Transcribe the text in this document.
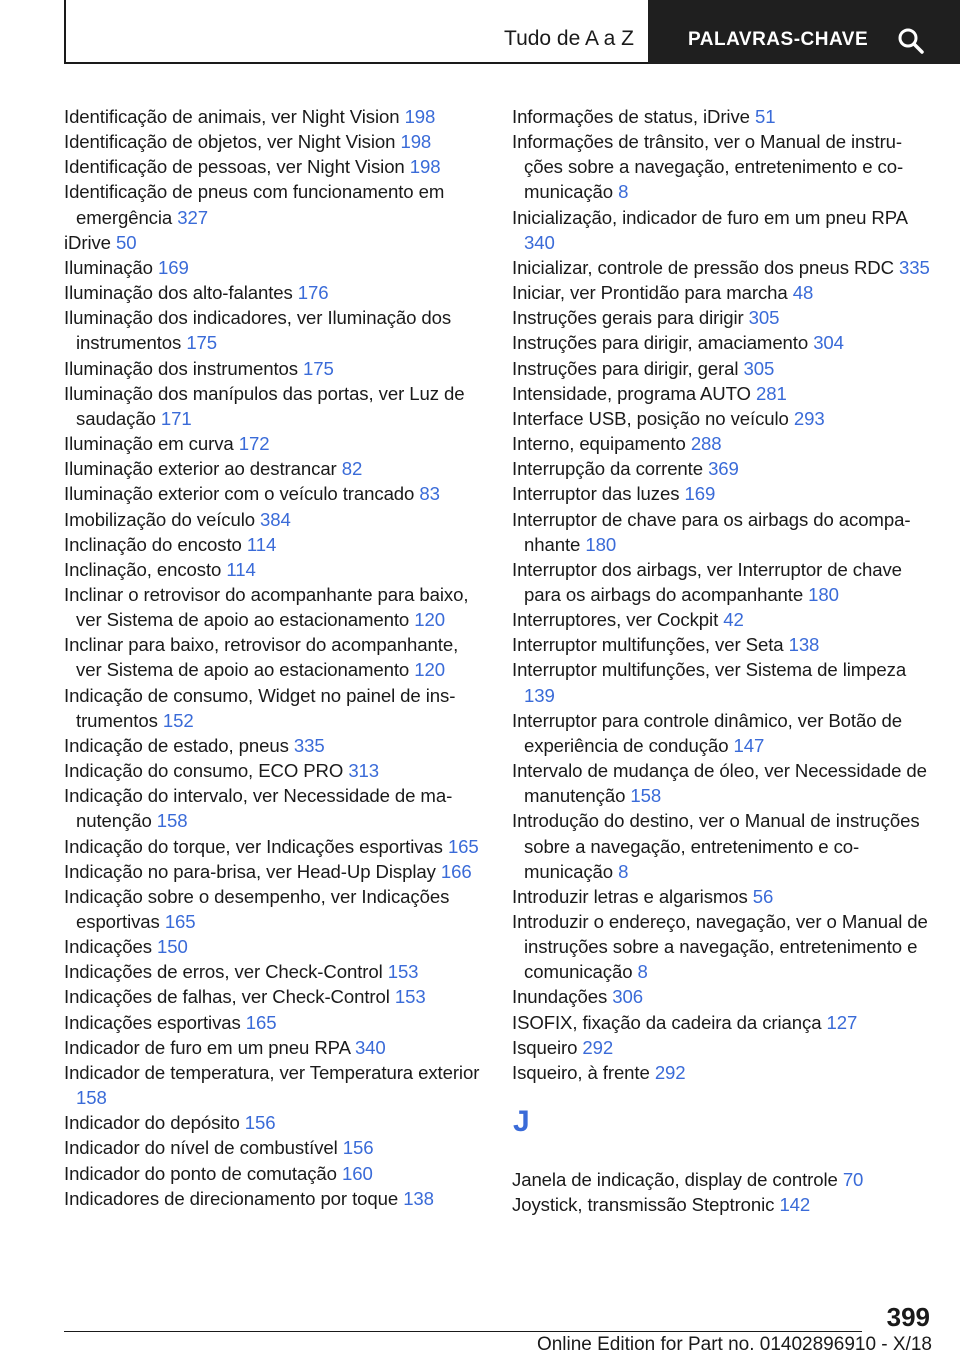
Tudo de A a Z	PALAVRAS-CHAVE
Identificação de animais, ver Night Vision 198
Identificação de objetos, ver Night Vision 198
Identificação de pessoas, ver Night Vision 198
Identificação de pneus com funcionamento em emergência 327
iDrive 50
Iluminação 169
Iluminação dos alto-falantes 176
Iluminação dos indicadores, ver Iluminação dos instrumentos 175
Iluminação dos instrumentos 175
Iluminação dos manípulos das portas, ver Luz de saudação 171
Iluminação em curva 172
Iluminação exterior ao destrancar 82
Iluminação exterior com o veículo trancado 83
Imobilização do veículo 384
Inclinação do encosto 114
Inclinação, encosto 114
Inclinar o retrovisor do acompanhante para baixo, ver Sistema de apoio ao estacionamento 120
Inclinar para baixo, retrovisor do acompanhante, ver Sistema de apoio ao estacionamento 120
Indicação de consumo, Widget no painel de instrumentos 152
Indicação de estado, pneus 335
Indicação do consumo, ECO PRO 313
Indicação do intervalo, ver Necessidade de manutenção 158
Indicação do torque, ver Indicações esportivas 165
Indicação no para-brisa, ver Head-Up Display 166
Indicação sobre o desempenho, ver Indicações esportivas 165
Indicações 150
Indicações de erros, ver Check-Control 153
Indicações de falhas, ver Check-Control 153
Indicações esportivas 165
Indicador de furo em um pneu RPA 340
Indicador de temperatura, ver Temperatura exterior 158
Indicador do depósito 156
Indicador do nível de combustível 156
Indicador do ponto de comutação 160
Indicadores de direcionamento por toque 138
Informações de status, iDrive 51
Informações de trânsito, ver o Manual de instruções sobre a navegação, entretenimento e comunicação 8
Inicialização, indicador de furo em um pneu RPA 340
Inicializar, controle de pressão dos pneus RDC 335
Iniciar, ver Prontidão para marcha 48
Instruções gerais para dirigir 305
Instruções para dirigir, amaciamento 304
Instruções para dirigir, geral 305
Intensidade, programa AUTO 281
Interface USB, posição no veículo 293
Interno, equipamento 288
Interrupção da corrente 369
Interruptor das luzes 169
Interruptor de chave para os airbags do acompanhante 180
Interruptor dos airbags, ver Interruptor de chave para os airbags do acompanhante 180
Interruptores, ver Cockpit 42
Interruptor multifunções, ver Seta 138
Interruptor multifunções, ver Sistema de limpeza 139
Interruptor para controle dinâmico, ver Botão de experiência de condução 147
Intervalo de mudança de óleo, ver Necessidade de manutenção 158
Introdução do destino, ver o Manual de instruções sobre a navegação, entretenimento e comunicação 8
Introduzir letras e algarismos 56
Introduzir o endereço, navegação, ver o Manual de instruções sobre a navegação, entretenimento e comunicação 8
Inundações 306
ISOFIX, fixação da cadeira da criança 127
Isqueiro 292
Isqueiro, à frente 292
J
Janela de indicação, display de controle 70
Joystick, transmissão Steptronic 142
399
Online Edition for Part no. 01402896910 - X/18
